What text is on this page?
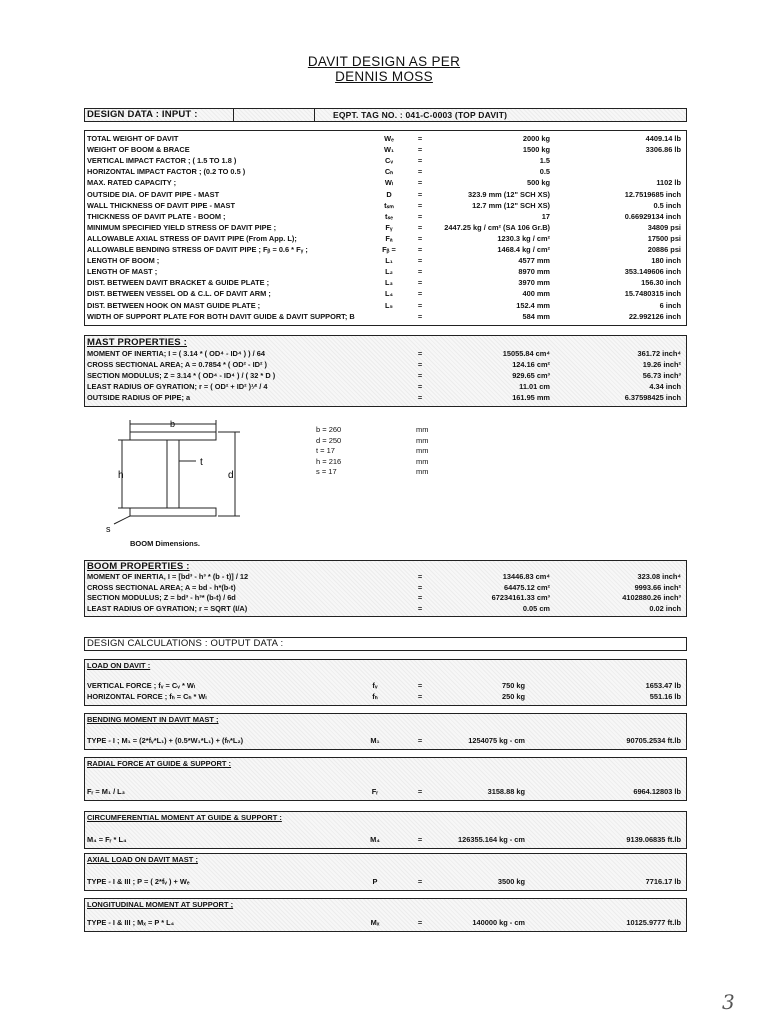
DAVIT DESIGN AS PER
DENNIS MOSS
DESIGN DATA : INPUT :	EQPT. TAG NO. : 041-C-0003 (TOP DAVIT)
TOTAL WEIGHT OF DAVIT	Wₑ	=	2000 kg	4409.14 lb
WEIGHT OF BOOM & BRACE	W₁	=	1500 kg	3306.86 lb
VERTICAL IMPACT FACTOR ; ( 1.5 TO 1.8 )	Cᵥ	=	1.5
HORIZONTAL IMPACT FACTOR ; (0.2 TO 0.5 )	Cₕ	=	0.5
MAX. RATED CAPACITY ;	Wₗ	=	500 kg	1102 lb
OUTSIDE DIA. OF DAVIT PIPE - MAST	D	=	323.9 mm (12" SCH XS)	12.7519685 inch
WALL THICKNESS OF DAVIT PIPE - MAST	tₛₘ	=	12.7 mm (12" SCH XS)	0.5 inch
THICKNESS OF DAVIT PLATE - BOOM ;	tₛₑ	=	17	0.66929134 inch
MINIMUM SPECIFIED YIELD STRESS OF DAVIT PIPE ;	Fᵧ	=	2447.25 kg / cm² (SA 106 Gr.B)	34809 psi
ALLOWABLE AXIAL STRESS OF DAVIT PIPE (From App. L);	Fₐ	=	1230.3 kg / cm²	17500 psi
ALLOWABLE BENDING STRESS OF DAVIT PIPE ; Fᵦ = 0.6 * Fᵧ ;	Fᵦ =	=	1468.4 kg / cm²	20886 psi
LENGTH OF BOOM ;	L₁	=	4577 mm	180 inch
LENGTH OF MAST ;	L₂	=	8970 mm	353.149606 inch
DIST. BETWEEN DAVIT BRACKET & GUIDE PLATE ;	L₃	=	3970 mm	156.30 inch
DIST. BETWEEN VESSEL OD & C.L. OF DAVIT ARM ;	L₄	=	400 mm	15.7480315 inch
DIST. BETWEEN HOOK ON MAST GUIDE PLATE ;	L₅	=	152.4 mm	6 inch
WIDTH OF SUPPORT PLATE FOR BOTH DAVIT GUIDE & DAVIT SUPPORT; B	=	584 mm	22.992126 inch
MAST PROPERTIES :
MOMENT OF INERTIA; I = ( 3.14 * ( OD⁴ - ID⁴ ) ) / 64	=	15055.84 cm⁴	361.72 inch⁴
CROSS SECTIONAL AREA; A = 0.7854 * ( OD² - ID² )	=	124.16 cm²	19.26 inch²
SECTION MODULUS; Z = 3.14 * ( OD⁴ - ID⁴ ) / ( 32 * D )	=	929.65 cm³	56.73 inch³
LEAST RADIUS OF GYRATION; r = ( OD² + ID² )¹⁄² / 4	=	11.01 cm	4.34 inch
OUTSIDE RADIUS OF PIPE; a	=	161.95 mm	6.37598425 inch
b
d
h
t
s
BOOM Dimensions.
b = 260	mm
d = 250	mm
t = 17	mm
h = 216	mm
s = 17	mm
BOOM PROPERTIES :
MOMENT OF INERTIA, I = [bd³ - h³ * (b - t)] / 12	=	13446.83 cm⁴	323.08 inch⁴
CROSS SECTIONAL AREA; A = bd - h*(b-t)	=	64475.12 cm²	9993.66 inch²
SECTION MODULUS; Z = bd³ - h³* (b-t) / 6d	=	67234161.33 cm³	4102880.26 inch³
LEAST RADIUS OF GYRATION; r = SQRT (I/A)	=	0.05 cm	0.02 inch
DESIGN CALCULATIONS : OUTPUT DATA :
LOAD ON DAVIT :
VERTICAL FORCE ; fᵥ = Cᵥ * Wₗ	fᵥ	=	750 kg	1653.47 lb
HORIZONTAL FORCE ; fₕ = Cₕ * Wₗ	fₕ	=	250 kg	551.16 lb
BENDING MOMENT IN DAVIT MAST ;
TYPE - I ; M₁ = (2*fᵥ*L₁) + (0.5*W₁*L₁) + (fₕ*L₂)	M₁	=	1254075 kg - cm	90705.2534 ft.lb
RADIAL FORCE AT GUIDE & SUPPORT :
Fᵣ = M₁ / L₃	Fᵣ	=	3158.88 kg	6964.12803 lb
CIRCUMFERENTIAL MOMENT AT GUIDE & SUPPORT :
M₄ = Fᵣ * L₄	M₄	=	126355.164 kg - cm	9139.06835 ft.lb
AXIAL LOAD ON DAVIT MAST ;
TYPE - I & III ; P = ( 2*fᵥ ) + Wₑ	P	=	3500 kg	7716.17 lb
LONGITUDINAL MOMENT AT SUPPORT ;
TYPE - I & III ; Mₓ = P * L₄	Mₓ	=	140000 kg - cm	10125.9777 ft.lb
3
